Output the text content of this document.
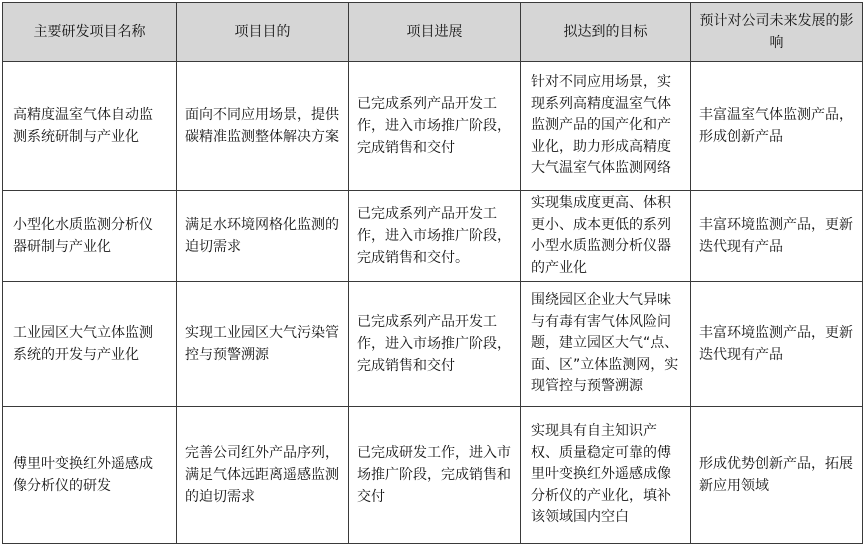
主要研发项目名称	项目目的	项目进展	拟达到的目标	预计对公司未来发展的影响
高精度温室气体自动监测系统研制与产业化	面向不同应用场景，提供碳精准监测整体解决方案	已完成系列产品开发工作，进入市场推广阶段，完成销售和交付	针对不同应用场景，实现系列高精度温室气体监测产品的国产化和产业化，助力形成高精度大气温室气体监测网络	丰富温室气体监测产品，形成创新产品
小型化水质监测分析仪器研制与产业化	满足水环境网格化监测的迫切需求	已完成系列产品开发工作，进入市场推广阶段，完成销售和交付。	实现集成度更高、体积更小、成本更低的系列小型水质监测分析仪器的产业化	丰富环境监测产品，更新迭代现有产品
工业园区大气立体监测系统的开发与产业化	实现工业园区大气污染管控与预警溯源	已完成系列产品开发工作，进入市场推广阶段，完成销售和交付	围绕园区企业大气异味与有毒有害气体风险问题，建立园区大气“点、面、区”立体监测网，实现管控与预警溯源	丰富环境监测产品，更新迭代现有产品
傅里叶变换红外遥感成像分析仪的研发	完善公司红外产品序列，满足气体远距离遥感监测的迫切需求	已完成研发工作，进入市场推广阶段，完成销售和交付	实现具有自主知识产权、质量稳定可靠的傅里叶变换红外遥感成像分析仪的产业化，填补该领域国内空白	形成优势创新产品，拓展新应用领域
